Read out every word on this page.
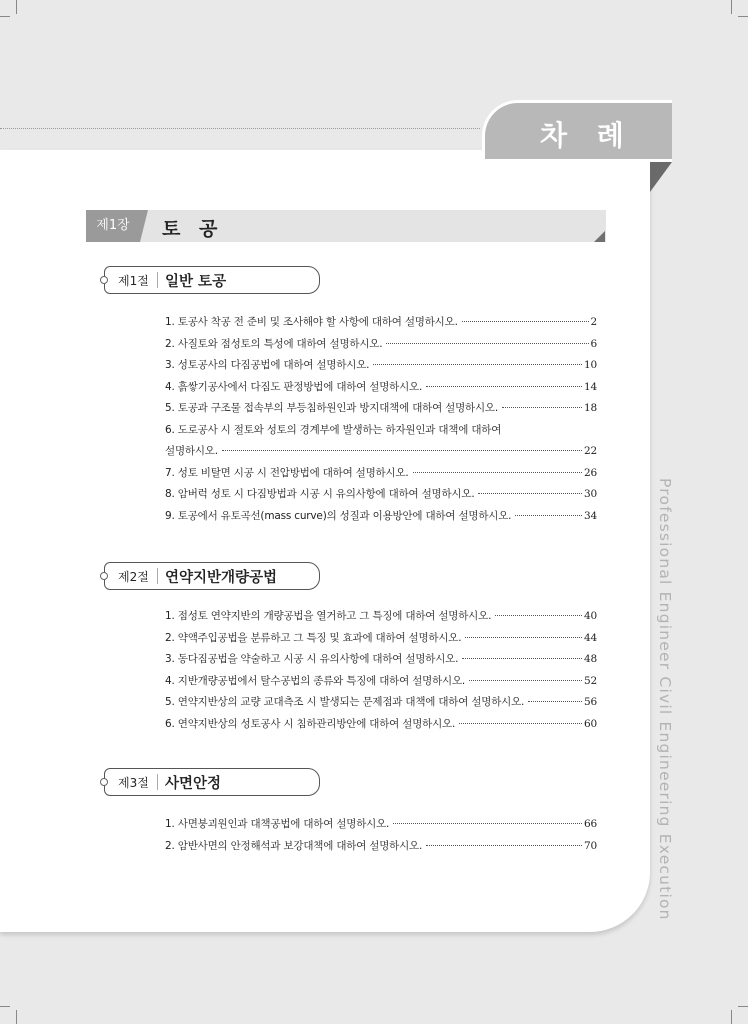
차 례
Professional Engineer Civil Engineering Execution
제1장	토 공
제1절 일반 토공
1. 토공사 착공 전 준비 및 조사해야 할 사항에 대하여 설명하시오.	2
2. 사질토와 점성토의 특성에 대하여 설명하시오.	6
3. 성토공사의 다짐공법에 대하여 설명하시오.	10
4. 흙쌓기공사에서 다짐도 판정방법에 대하여 설명하시오.	14
5. 토공과 구조물 접속부의 부등침하원인과 방지대책에 대하여 설명하시오.	18
6. 도로공사 시 절토와 성토의 경계부에 발생하는 하자원인과 대책에 대하여
설명하시오.	22
7. 성토 비탈면 시공 시 전압방법에 대하여 설명하시오.	26
8. 암버럭 성토 시 다짐방법과 시공 시 유의사항에 대하여 설명하시오.	30
9. 토공에서 유토곡선(mass curve)의 성질과 이용방안에 대하여 설명하시오.	34
제2절 연약지반개량공법
1. 점성토 연약지반의 개량공법을 열거하고 그 특징에 대하여 설명하시오.	40
2. 약액주입공법을 분류하고 그 특징 및 효과에 대하여 설명하시오.	44
3. 동다짐공법을 약술하고 시공 시 유의사항에 대하여 설명하시오.	48
4. 지반개량공법에서 탈수공법의 종류와 특징에 대하여 설명하시오.	52
5. 연약지반상의 교량 교대측조 시 발생되는 문제점과 대책에 대하여 설명하시오.	56
6. 연약지반상의 성토공사 시 침하관리방안에 대하여 설명하시오.	60
제3절 사면안정
1. 사면붕괴원인과 대책공법에 대하여 설명하시오.	66
2. 암반사면의 안정해석과 보강대책에 대하여 설명하시오.	70
